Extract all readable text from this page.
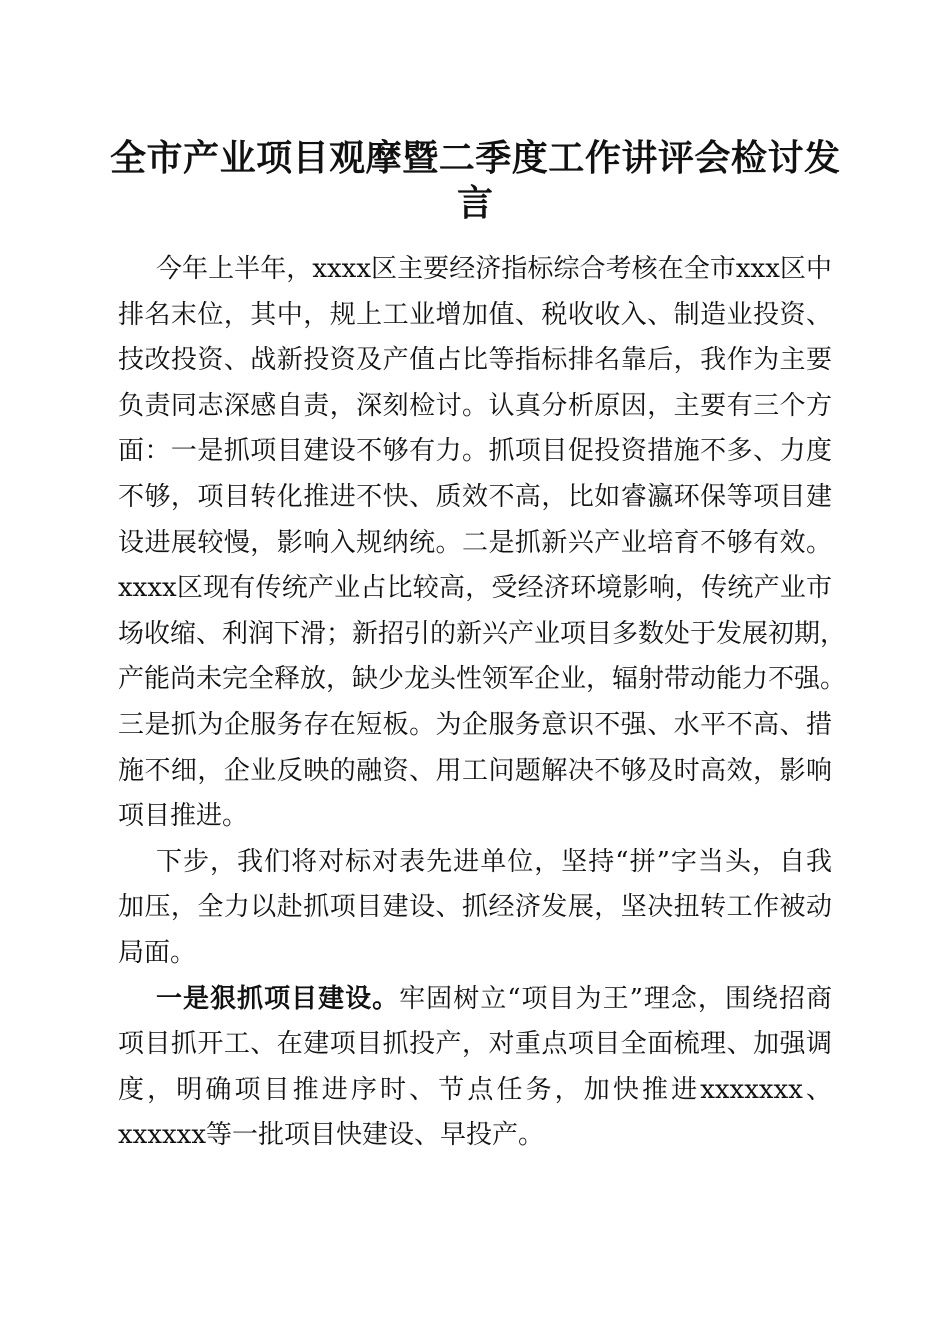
全市产业项目观摩暨二季度工作讲评会检讨发
言
今年上半年，xxxx区主要经济指标综合考核在全市xxx区中
排名末位，其中，规上工业增加值、税收收入、制造业投资、
技改投资、战新投资及产值占比等指标排名靠后，我作为主要
负责同志深感自责，深刻检讨。认真分析原因，主要有三个方
面：一是抓项目建设不够有力。抓项目促投资措施不多、力度
不够，项目转化推进不快、质效不高，比如睿瀛环保等项目建
设进展较慢，影响入规纳统。二是抓新兴产业培育不够有效。
xxxx区现有传统产业占比较高，受经济环境影响，传统产业市
场收缩、利润下滑；新招引的新兴产业项目多数处于发展初期，
产能尚未完全释放，缺少龙头性领军企业，辐射带动能力不强。
三是抓为企服务存在短板。为企服务意识不强、水平不高、措
施不细，企业反映的融资、用工问题解决不够及时高效，影响
项目推进。
下步，我们将对标对表先进单位，坚持“拼”字当头，自我
加压，全力以赴抓项目建设、抓经济发展，坚决扭转工作被动
局面。
一是狠抓项目建设。牢固树立“项目为王”理念，围绕招商
项目抓开工、在建项目抓投产，对重点项目全面梳理、加强调
度，明确项目推进序时、节点任务，加快推进xxxxxxx、
xxxxxx等一批项目快建设、早投产。
